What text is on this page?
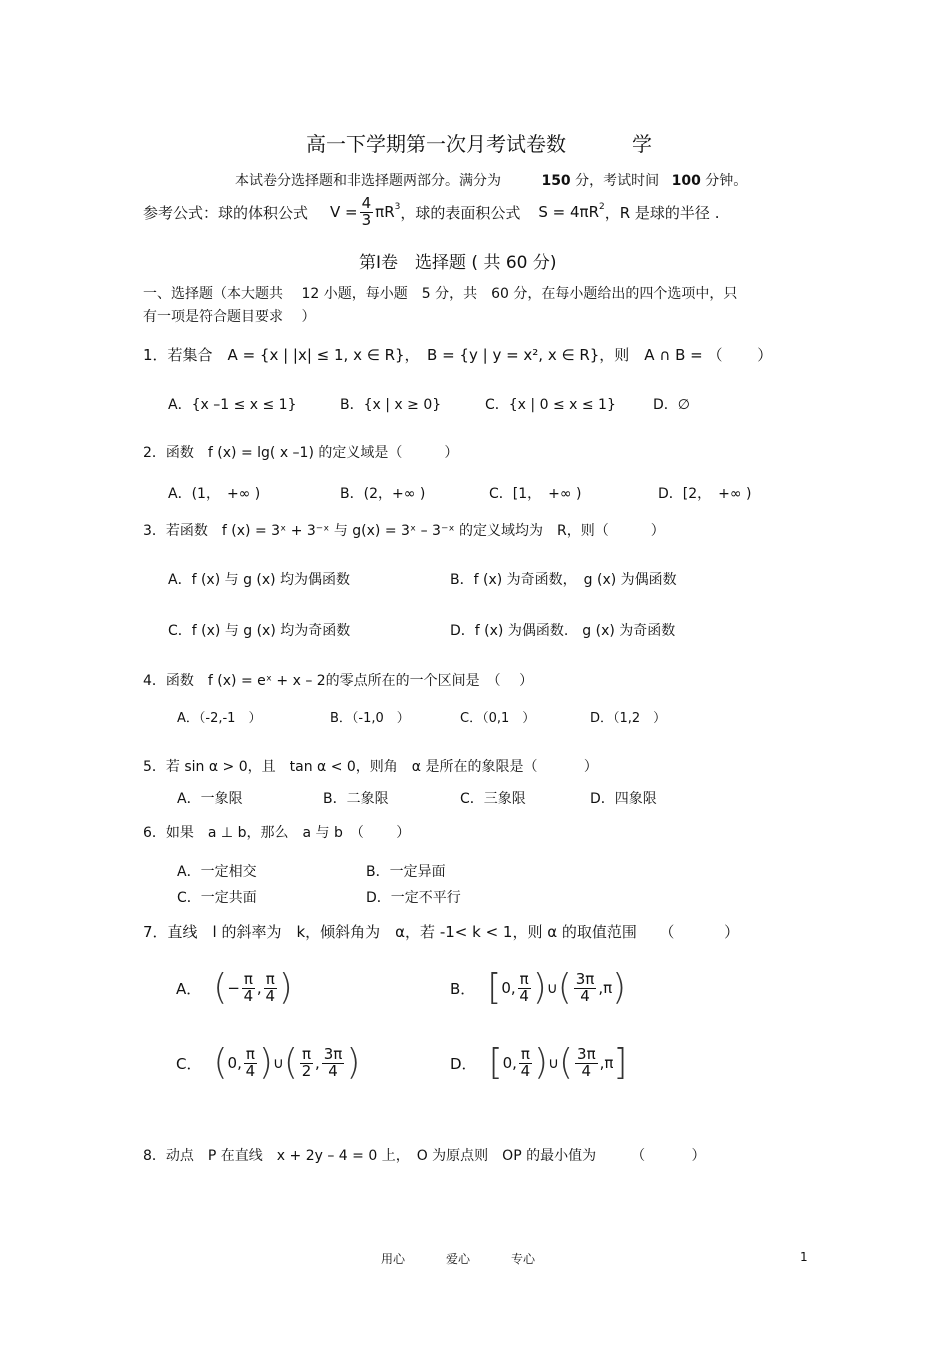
高一下学期第一次月考试卷数	学
本试卷分选择题和非选择题两部分。满分为	150 分，考试时间 100 分钟。
参考公式：球的体积公式 $V = \frac{4}{3} \pi R^3$ ，球的表面积公式 $S = 4\pi R^2$ ，R 是球的半径 .
第Ⅰ卷　选择题 ( 共 60 分)
一、选择题（本大题共　 12 小题，每小题　5 分，共　60 分，在每小题给出的四个选项中，只
有一项是符合题目要求　 ）
1．若集合　A = {x | |x| ≤ 1, x ∈ R}，　B = {y | y = x², x ∈ R}，则　A ∩ B = （　　 ）
A．{x –1 ≤ x ≤ 1}	B．{x | x ≥ 0}	C．{x | 0 ≤ x ≤ 1}	D．∅
2．函数　f (x) = lg( x –1) 的定义域是（　　　）
A．(1，　+∞ )	B．(2，+∞ )	C．[1，　+∞ )	D．[2，　+∞ )
3．若函数　f (x) = 3ˣ + 3⁻ˣ 与 g(x) = 3ˣ – 3⁻ˣ 的定义域均为　R，则（　　　）
A．f (x) 与 g (x) 均为偶函数	B．f (x) 为奇函数，　g (x) 为偶函数
C．f (x) 与 g (x) 均为奇函数	D．f (x) 为偶函数.　g (x) 为奇函数
4．函数　f (x) = eˣ + x – 2的零点所在的一个区间是　（　 ）
A．（-2,-1　）	B．（-1,0　）	C．（0,1　）	D．（1,2　）
5．若 sin α > 0，且　tan α < 0，则角　α 是所在的象限是（　　　 ）
A．一象限	B．二象限	C．三象限	D．四象限
6．如果　a ⊥ b，那么　a 与 b　（　　 ）
A．一定相交	B．一定异面
C．一定共面	D．一定不平行
7．直线　l 的斜率为　k，倾斜角为　α，若 -1< k < 1，则 α 的取值范围　　（　　　 ）
A． ( − $\frac{\pi}{4}$ , $\frac{\pi}{4}$ )	B． [ 0, $\frac{\pi}{4}$ ) ∪ ( $\frac{3\pi}{4} ,\pi$ )
C． ( 0, $\frac{\pi}{4}$ ) ∪ ( $\frac{\pi}{2}$ , $\frac{3\pi}{4}$ )	D． [ 0, $\frac{\pi}{4}$ ) ∪ ( $\frac{3\pi}{4} ,\pi$ ]
8．动点　P 在直线　x + 2y – 4 = 0 上，　O 为原点则　OP 的最小值为　　　（　　　 ）
用心	爱心	专心	1
